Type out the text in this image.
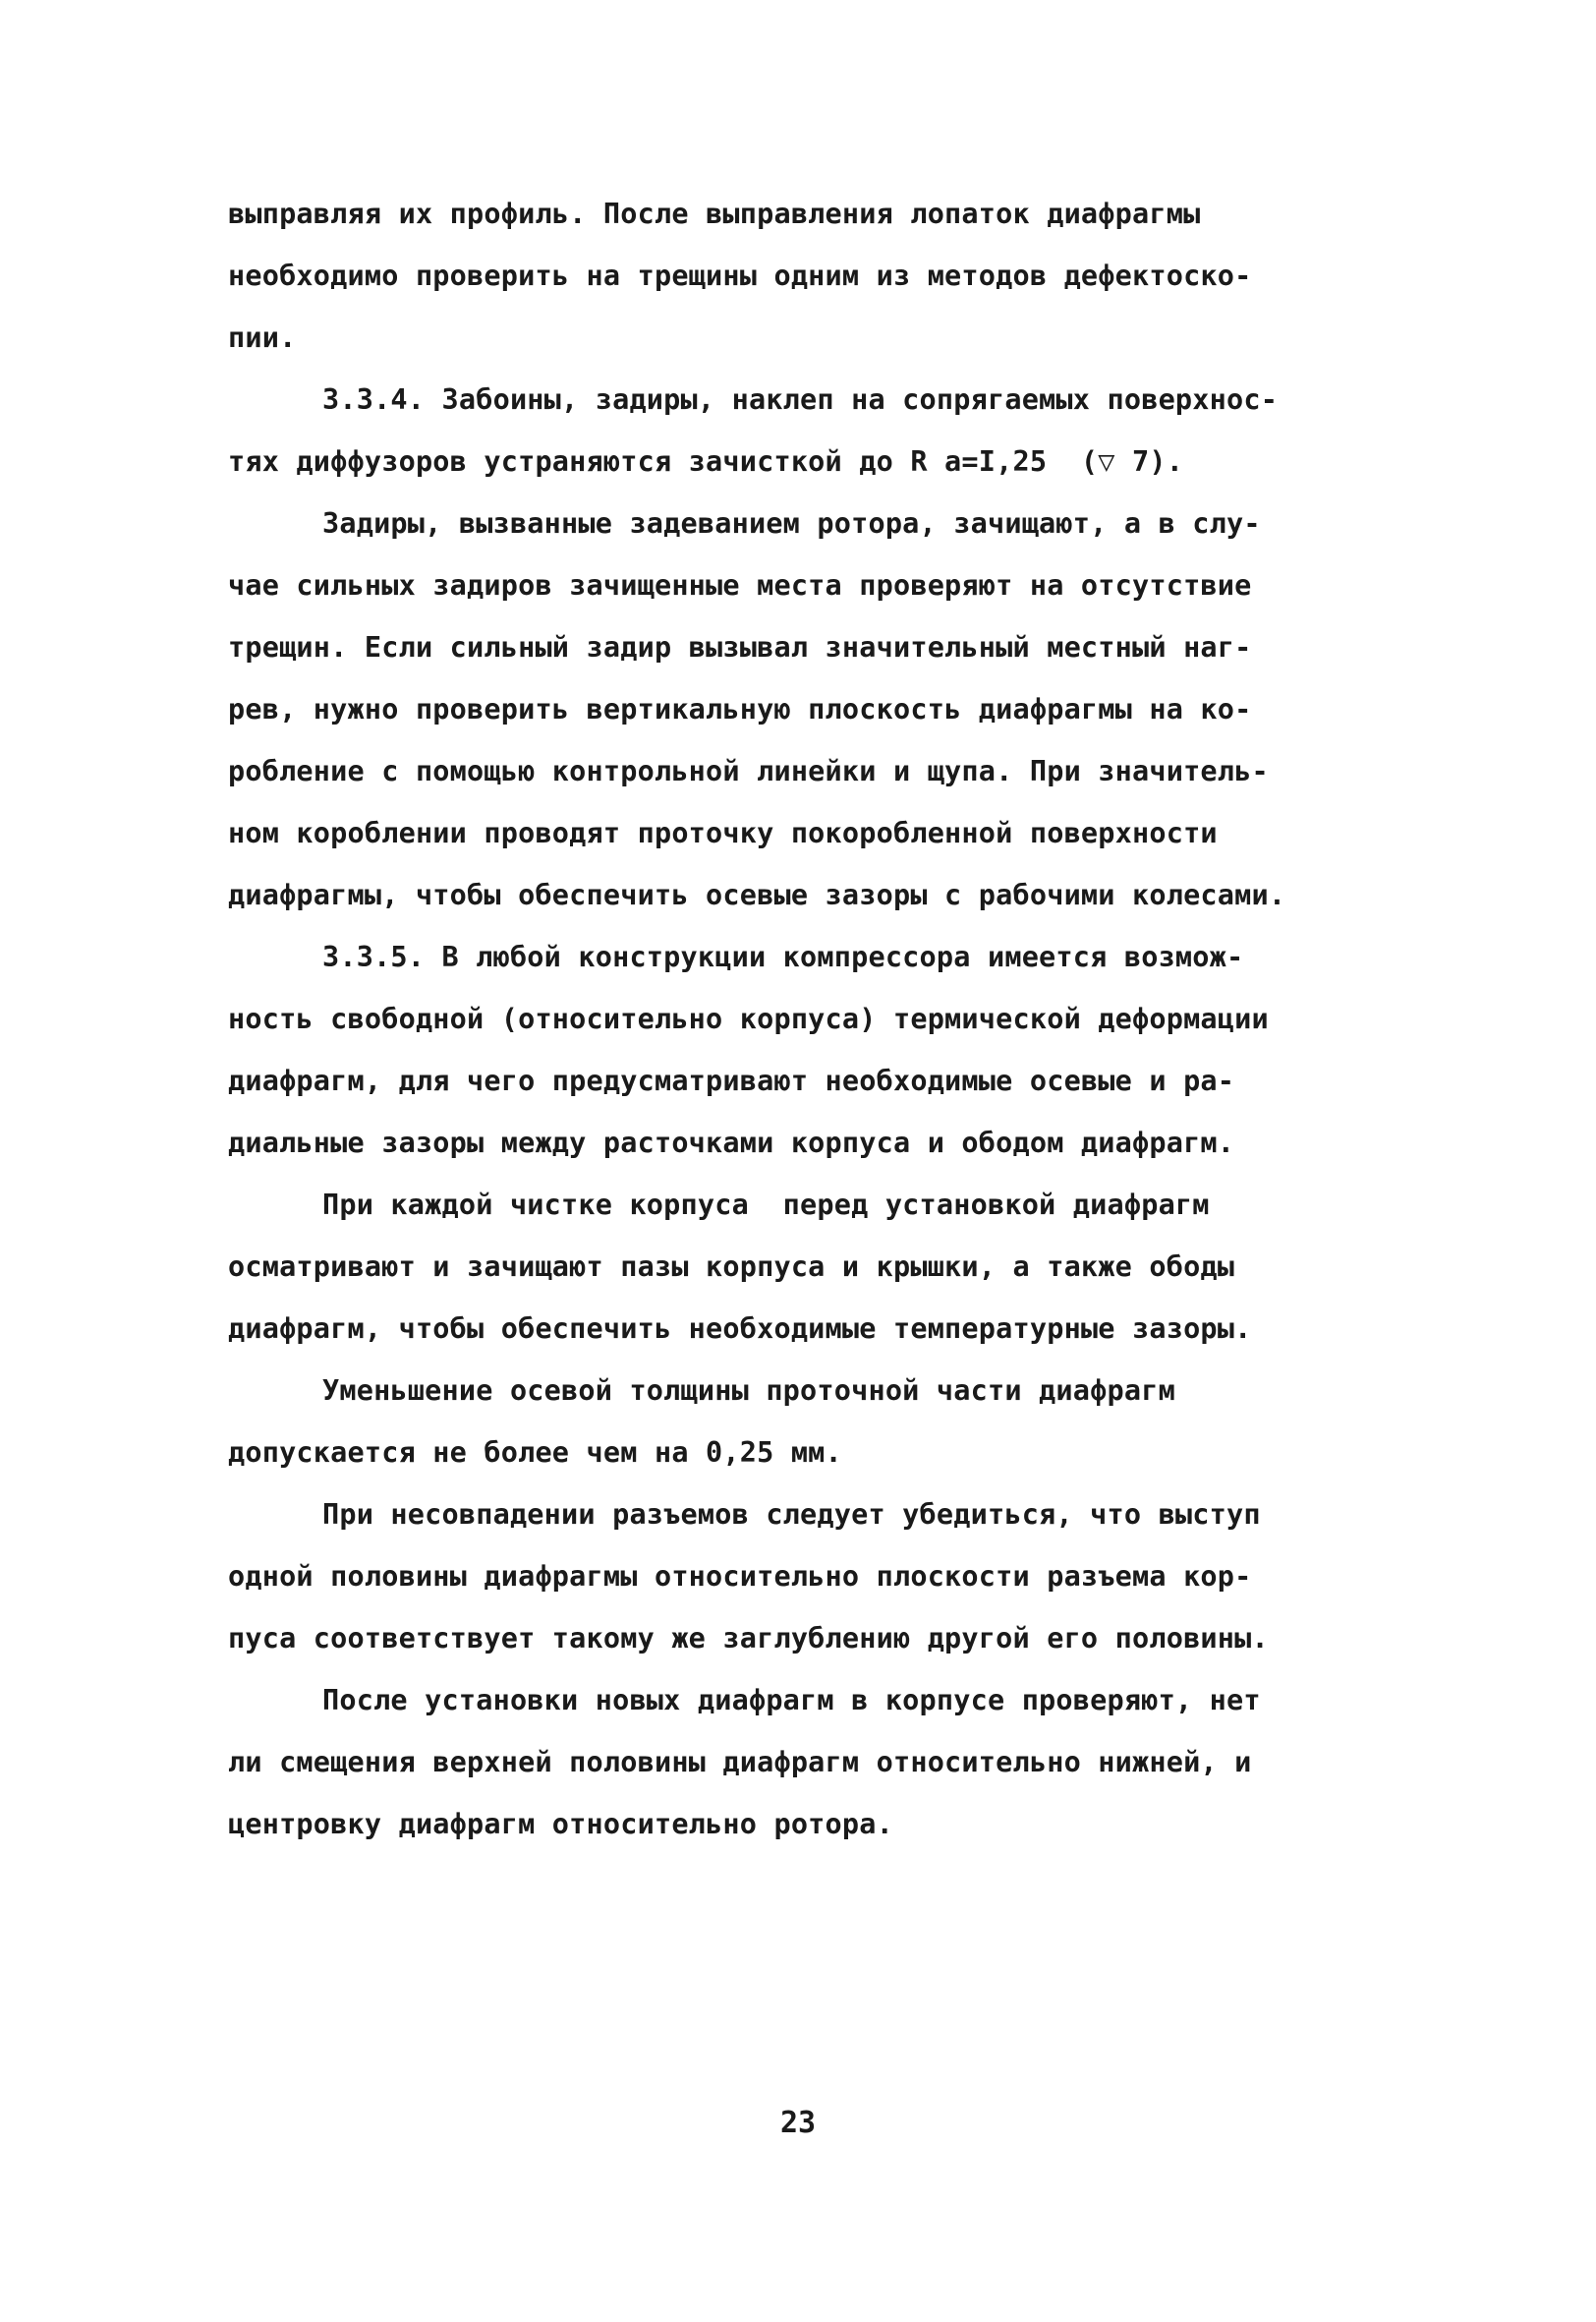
выправляя их профиль. После выправления лопаток диафрагмы
необходимо проверить на трещины одним из методов дефектоско-
пии.
3.3.4. Забоины, задиры, наклеп на сопрягаемых поверхнос-
тях диффузоров устраняются зачисткой до R a=I,25  (▽ 7).
Задиры, вызванные задеванием ротора, зачищают, а в слу-
чае сильных задиров зачищенные места проверяют на отсутствие
трещин. Если сильный задир вызывал значительный местный наг-
рев, нужно проверить вертикальную плоскость диафрагмы на ко-
робление с помощью контрольной линейки и щупа. При значитель-
ном короблении проводят проточку покоробленной поверхности
диафрагмы, чтобы обеспечить осевые зазоры с рабочими колесами.
3.3.5. В любой конструкции компрессора имеется возмож-
ность свободной (относительно корпуса) термической деформации
диафрагм, для чего предусматривают необходимые осевые и ра-
диальные зазоры между расточками корпуса и ободом диафрагм.
При каждой чистке корпуса  перед установкой диафрагм
осматривают и зачищают пазы корпуса и крышки, а также ободы
диафрагм, чтобы обеспечить необходимые температурные зазоры.
Уменьшение осевой толщины проточной части диафрагм
допускается не более чем на 0,25 мм.
При несовпадении разъемов следует убедиться, что выступ
одной половины диафрагмы относительно плоскости разъема кор-
пуса соответствует такому же заглублению другой его половины.
После установки новых диафрагм в корпусе проверяют, нет
ли смещения верхней половины диафрагм относительно нижней, и
центровку диафрагм относительно ротора.
23
